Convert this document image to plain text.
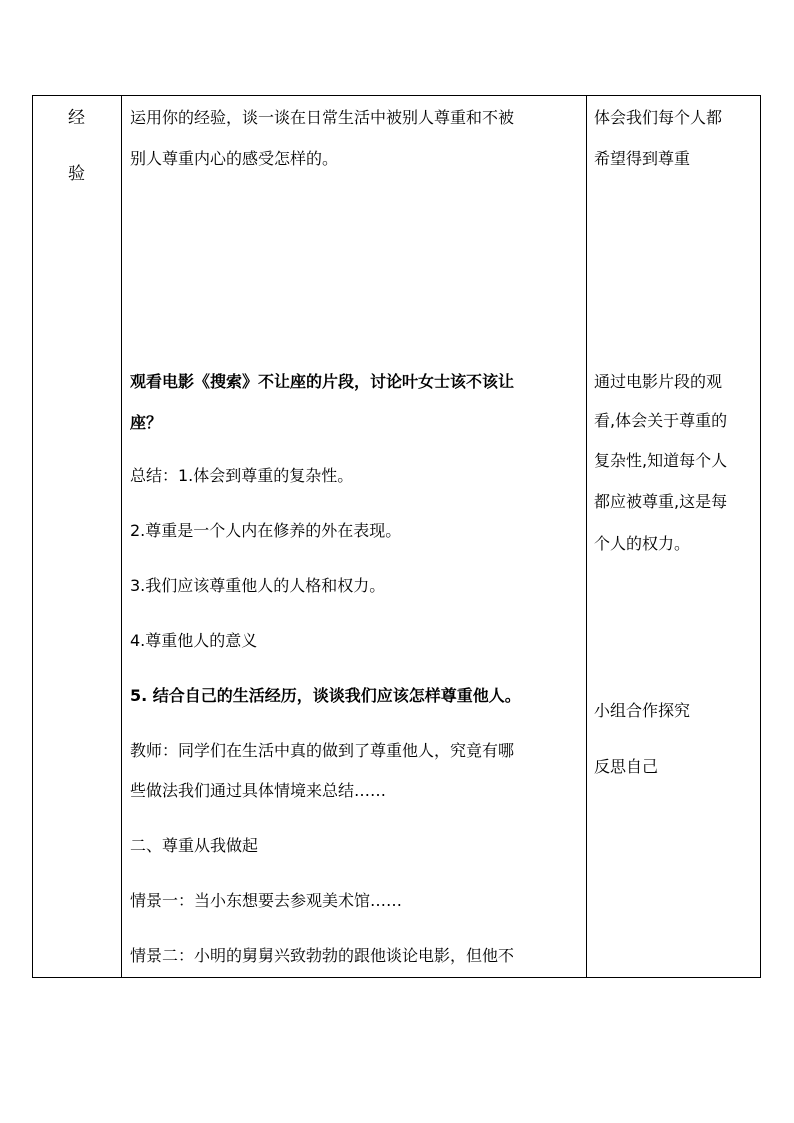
经
验
运用你的经验，谈一谈在日常生活中被别人尊重和不被
别人尊重内心的感受怎样的。
观看电影《搜索》不让座的片段，讨论叶女士该不该让
座？
总结：1.体会到尊重的复杂性。
2.尊重是一个人内在修养的外在表现。
3.我们应该尊重他人的人格和权力。
4.尊重他人的意义
5. 结合自己的生活经历，谈谈我们应该怎样尊重他人。
教师：同学们在生活中真的做到了尊重他人，究竟有哪
些做法我们通过具体情境来总结……
二、尊重从我做起
情景一：当小东想要去参观美术馆……
情景二：小明的舅舅兴致勃勃的跟他谈论电影，但他不
体会我们每个人都
希望得到尊重
通过电影片段的观
看,体会关于尊重的
复杂性,知道每个人
都应被尊重,这是每
个人的权力。
小组合作探究
反思自己
